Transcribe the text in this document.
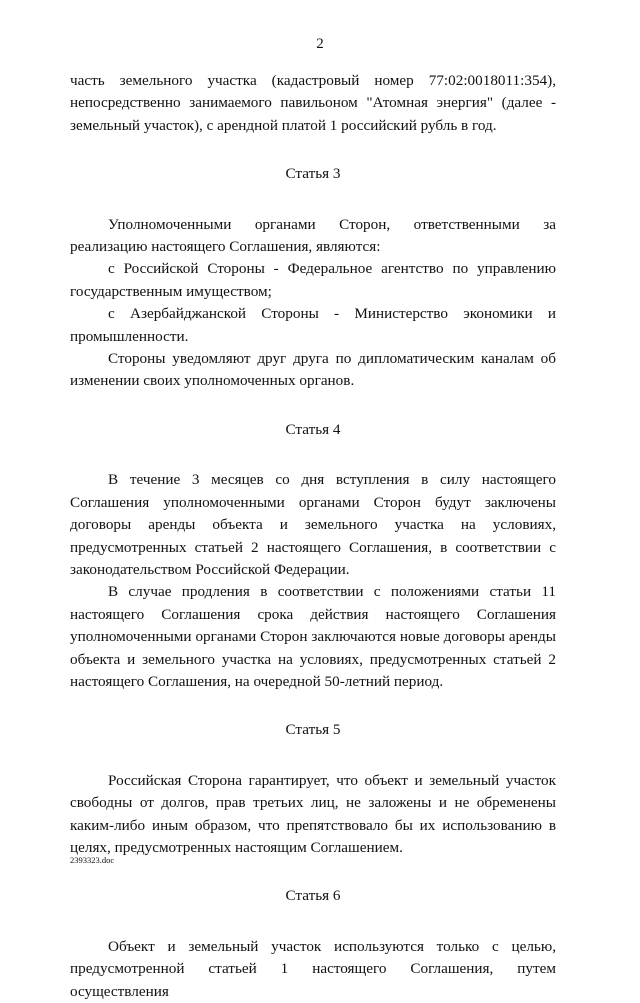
2

часть земельного участка (кадастровый номер 77:02:0018011:354), непосредственно занимаемого павильоном "Атомная энергия" (далее - земельный участок), с арендной платой 1 российский рубль в год.

Статья 3

Уполномоченными органами Сторон, ответственными за реализацию настоящего Соглашения, являются:

с Российской Стороны - Федеральное агентство по управлению государственным имуществом;

с Азербайджанской Стороны - Министерство экономики и промышленности.

Стороны уведомляют друг друга по дипломатическим каналам об изменении своих уполномоченных органов.

Статья 4

В течение 3 месяцев со дня вступления в силу настоящего Соглашения уполномоченными органами Сторон будут заключены договоры аренды объекта и земельного участка на условиях, предусмотренных статьей 2 настоящего Соглашения, в соответствии с законодательством Российской Федерации.

В случае продления в соответствии с положениями статьи 11 настоящего Соглашения срока действия настоящего Соглашения уполномоченными органами Сторон заключаются новые договоры аренды объекта и земельного участка на условиях, предусмотренных статьей 2 настоящего Соглашения, на очередной 50-летний период.

Статья 5

Российская Сторона гарантирует, что объект и земельный участок свободны от долгов, прав третьих лиц, не заложены и не обременены каким-либо иным образом, что препятствовало бы их использованию в целях, предусмотренных настоящим Соглашением.

Статья 6

Объект и земельный участок используются только с целью, предусмотренной статьей 1 настоящего Соглашения, путем осуществления

2393323.doc
